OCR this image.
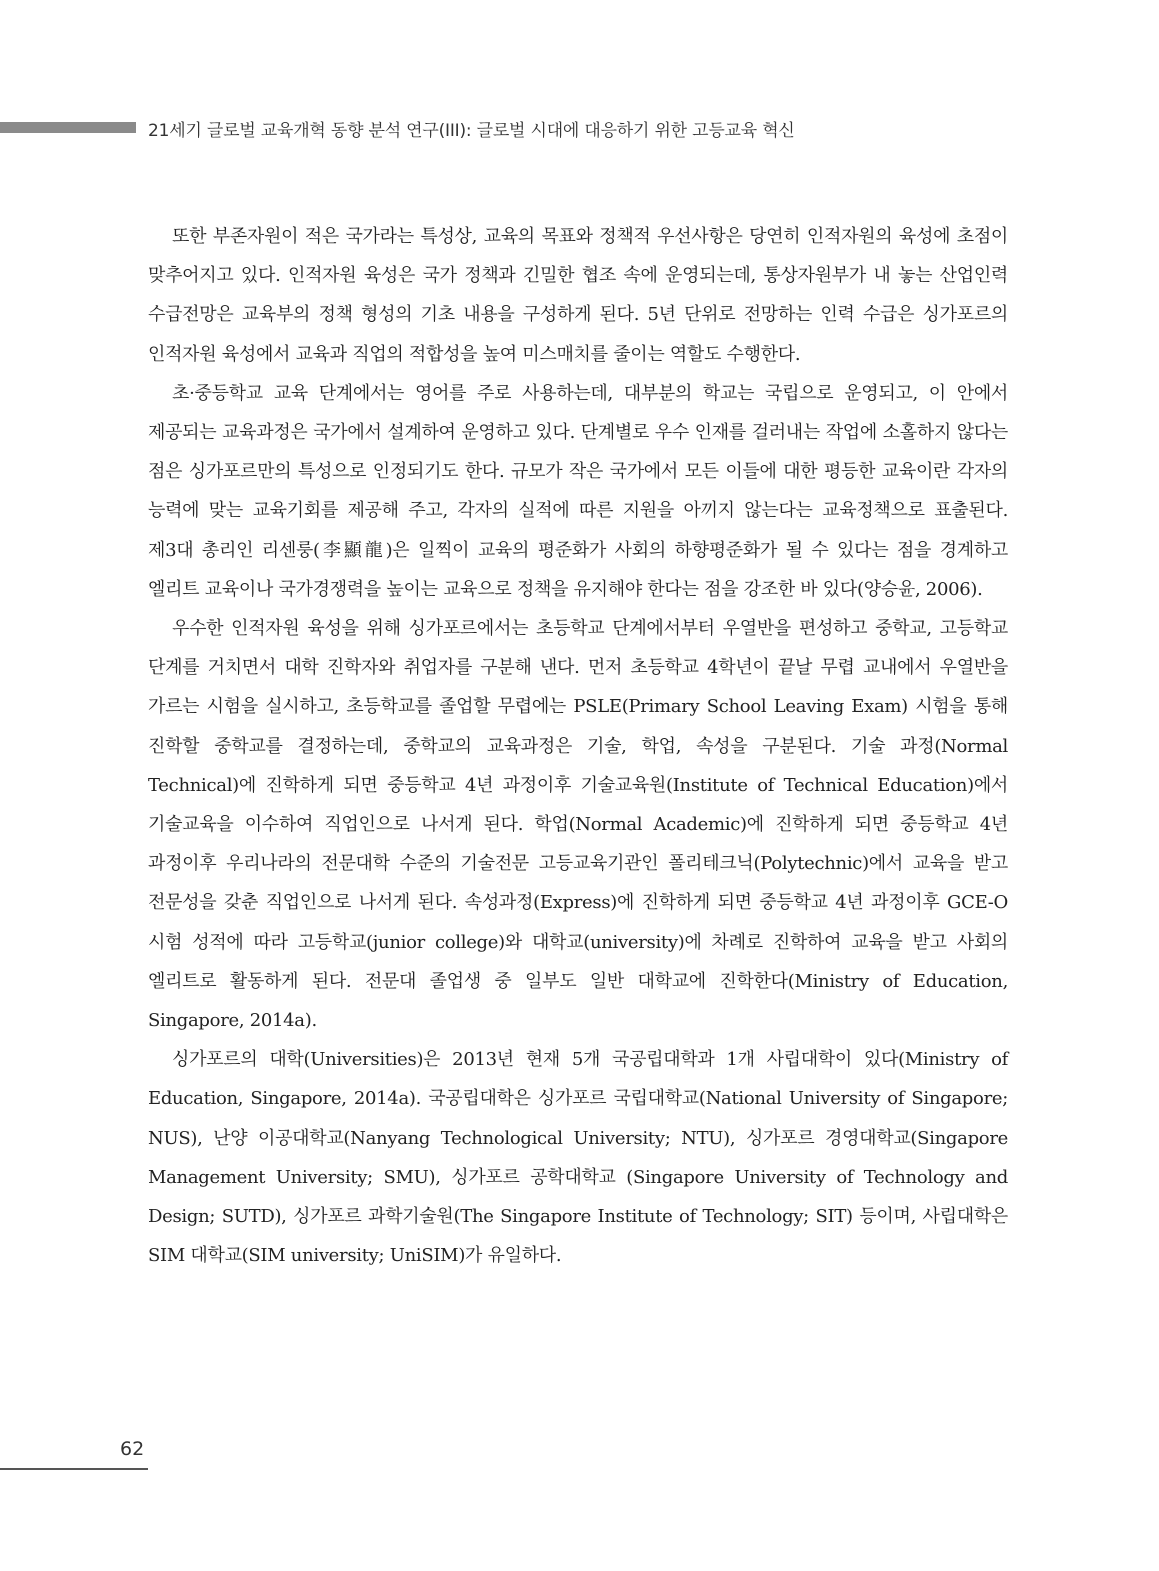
21세기 글로벌 교육개혁 동향 분석 연구(III): 글로벌 시대에 대응하기 위한 고등교육 혁신

또한 부존자원이 적은 국가라는 특성상, 교육의 목표와 정책적 우선사항은 당연히 인적자원의 육성에 초점이 맞추어지고 있다. 인적자원 육성은 국가 정책과 긴밀한 협조 속에 운영되는데, 통상자원부가 내 놓는 산업인력 수급전망은 교육부의 정책 형성의 기초 내용을 구성하게 된다. 5년 단위로 전망하는 인력 수급은 싱가포르의 인적자원 육성에서 교육과 직업의 적합성을 높여 미스매치를 줄이는 역할도 수행한다.

초·중등학교 교육 단계에서는 영어를 주로 사용하는데, 대부분의 학교는 국립으로 운영되고, 이 안에서 제공되는 교육과정은 국가에서 설계하여 운영하고 있다. 단계별로 우수 인재를 걸러내는 작업에 소홀하지 않다는 점은 싱가포르만의 특성으로 인정되기도 한다. 규모가 작은 국가에서 모든 이들에 대한 평등한 교육이란 각자의 능력에 맞는 교육기회를 제공해 주고, 각자의 실적에 따른 지원을 아끼지 않는다는 교육정책으로 표출된다. 제3대 총리인 리센룽(李顯龍)은 일찍이 교육의 평준화가 사회의 하향평준화가 될 수 있다는 점을 경계하고 엘리트 교육이나 국가경쟁력을 높이는 교육으로 정책을 유지해야 한다는 점을 강조한 바 있다(양승윤, 2006).

우수한 인적자원 육성을 위해 싱가포르에서는 초등학교 단계에서부터 우열반을 편성하고 중학교, 고등학교 단계를 거치면서 대학 진학자와 취업자를 구분해 낸다. 먼저 초등학교 4학년이 끝날 무렵 교내에서 우열반을 가르는 시험을 실시하고, 초등학교를 졸업할 무렵에는 PSLE(Primary School Leaving Exam) 시험을 통해 진학할 중학교를 결정하는데, 중학교의 교육과정은 기술, 학업, 속성을 구분된다. 기술 과정(Normal Technical)에 진학하게 되면 중등학교 4년 과정이후 기술교육원(Institute of Technical Education)에서 기술교육을 이수하여 직업인으로 나서게 된다. 학업(Normal Academic)에 진학하게 되면 중등학교 4년 과정이후 우리나라의 전문대학 수준의 기술전문 고등교육기관인 폴리테크닉(Polytechnic)에서 교육을 받고 전문성을 갖춘 직업인으로 나서게 된다. 속성과정(Express)에 진학하게 되면 중등학교 4년 과정이후 GCE-O 시험 성적에 따라 고등학교(junior college)와 대학교(university)에 차례로 진학하여 교육을 받고 사회의 엘리트로 활동하게 된다. 전문대 졸업생 중 일부도 일반 대학교에 진학한다(Ministry of Education, Singapore, 2014a).

싱가포르의 대학(Universities)은 2013년 현재 5개 국공립대학과 1개 사립대학이 있다(Ministry of Education, Singapore, 2014a). 국공립대학은 싱가포르 국립대학교(National University of Singapore; NUS), 난양 이공대학교(Nanyang Technological University; NTU), 싱가포르 경영대학교(Singapore Management University; SMU), 싱가포르 공학대학교 (Singapore University of Technology and Design; SUTD), 싱가포르 과학기술원(The Singapore Institute of Technology; SIT) 등이며, 사립대학은 SIM 대학교(SIM university; UniSIM)가 유일하다.

62
